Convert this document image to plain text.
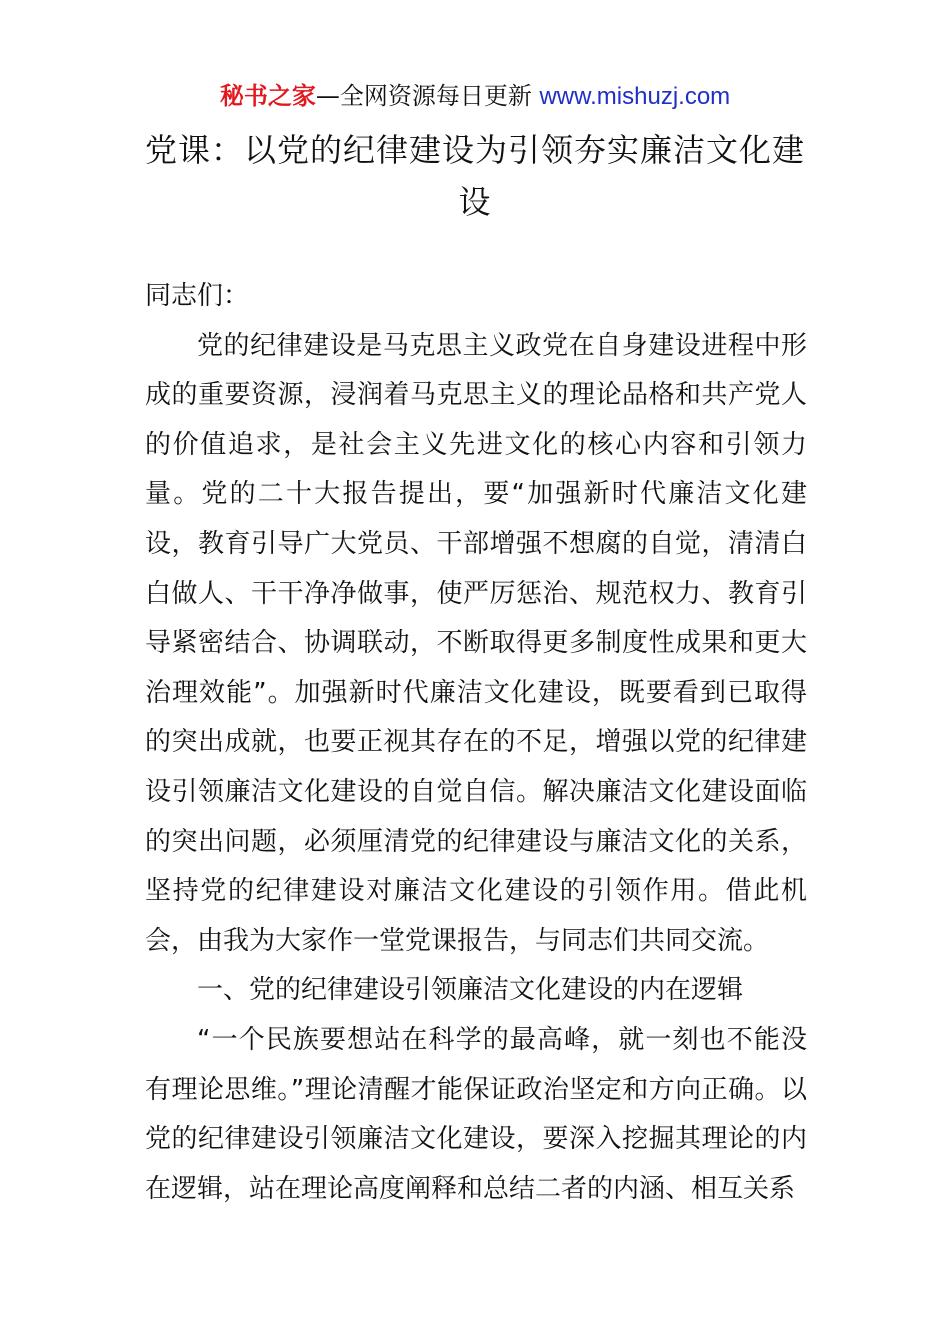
秘书之家—全网资源每日更新 www.mishuzj.com
党课：以党的纪律建设为引领夯实廉洁文化建设

同志们：

党的纪律建设是马克思主义政党在自身建设进程中形成的重要资源，浸润着马克思主义的理论品格和共产党人的价值追求，是社会主义先进文化的核心内容和引领力量。党的二十大报告提出，要“加强新时代廉洁文化建设，教育引导广大党员、干部增强不想腐的自觉，清清白白做人、干干净净做事，使严厉惩治、规范权力、教育引导紧密结合、协调联动，不断取得更多制度性成果和更大治理效能”。加强新时代廉洁文化建设，既要看到已取得的突出成就，也要正视其存在的不足，增强以党的纪律建设引领廉洁文化建设的自觉自信。解决廉洁文化建设面临的突出问题，必须厘清党的纪律建设与廉洁文化的关系，坚持党的纪律建设对廉洁文化建设的引领作用。借此机会，由我为大家作一堂党课报告，与同志们共同交流。

一、党的纪律建设引领廉洁文化建设的内在逻辑

“一个民族要想站在科学的最高峰，就一刻也不能没有理论思维。”理论清醒才能保证政治坚定和方向正确。以党的纪律建设引领廉洁文化建设，要深入挖掘其理论的内在逻辑，站在理论高度阐释和总结二者的内涵、相互关系
